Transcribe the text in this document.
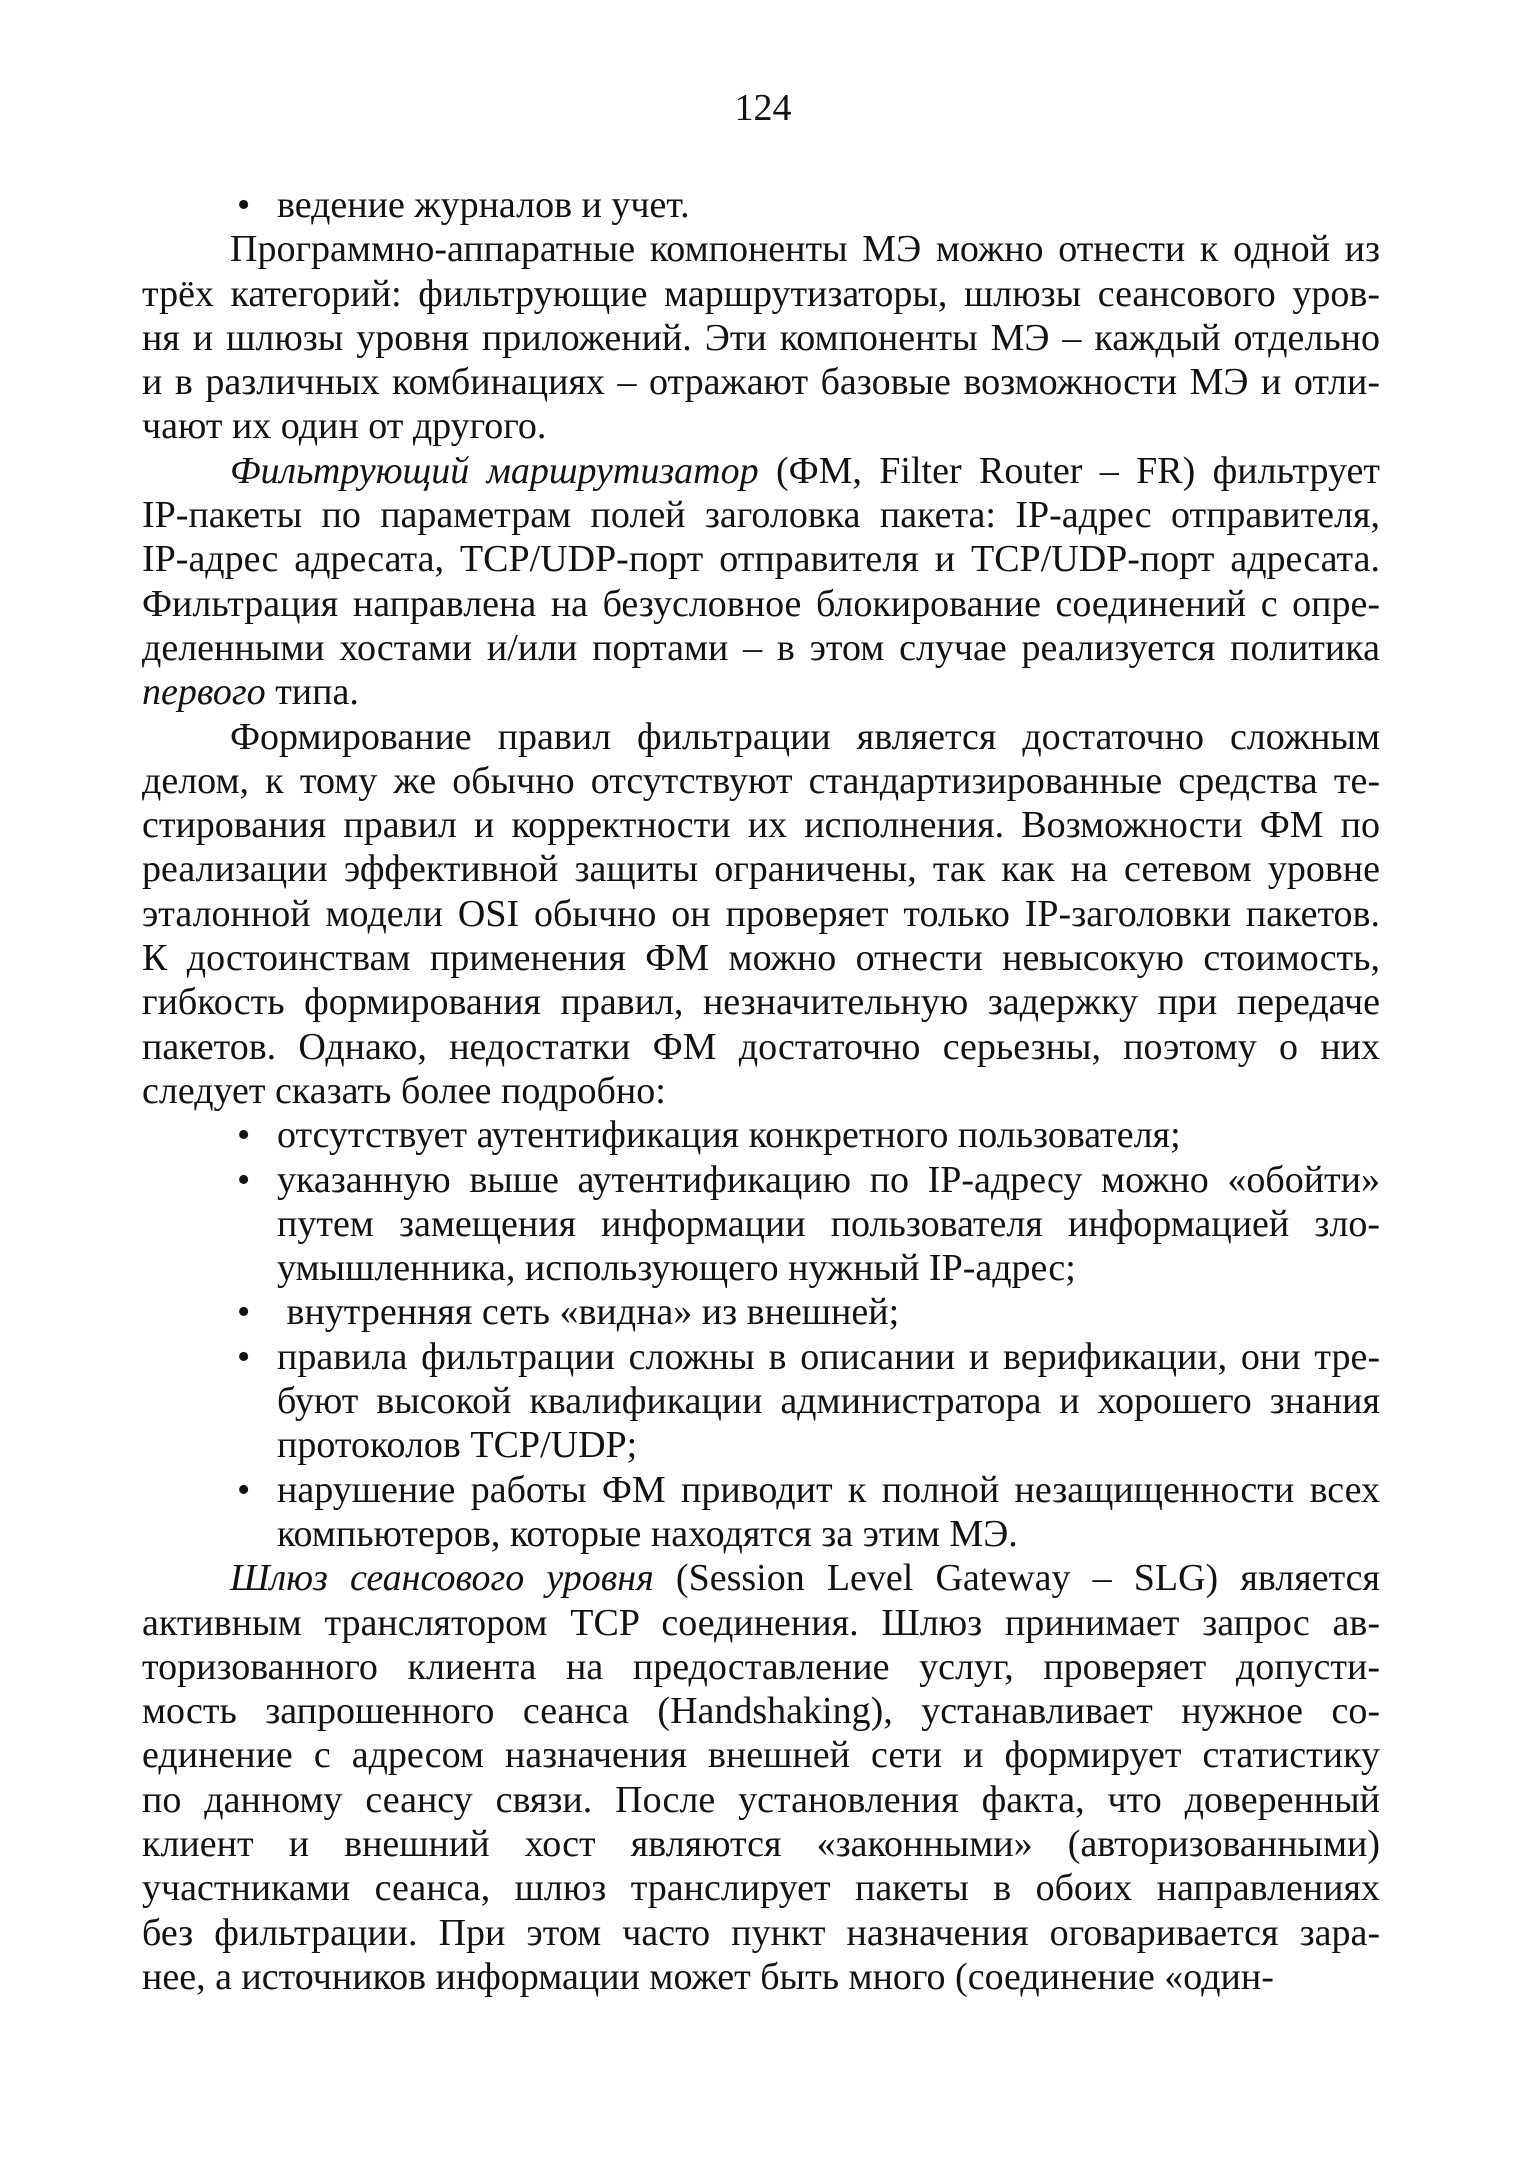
124
• ведение журналов и учет.
Программно-аппаратные компоненты МЭ можно отнести к одной из
трёх категорий: фильтрующие маршрутизаторы, шлюзы сеансового уров-
ня и шлюзы уровня приложений. Эти компоненты МЭ – каждый отдельно
и в различных комбинациях – отражают базовые возможности МЭ и отли-
чают их один от другого.
Фильтрующий маршрутизатор (ФМ, Filter Router – FR) фильтрует
IP-пакеты по параметрам полей заголовка пакета: IP-адрес отправителя,
IP-адрес адресата, TCP/UDP-порт отправителя и TCP/UDP-порт адресата.
Фильтрация направлена на безусловное блокирование соединений с опре-
деленными хостами и/или портами – в этом случае реализуется политика
первого типа.
Формирование правил фильтрации является достаточно сложным
делом, к тому же обычно отсутствуют стандартизированные средства те-
стирования правил и корректности их исполнения. Возможности ФМ по
реализации эффективной защиты ограничены, так как на сетевом уровне
эталонной модели OSI обычно он проверяет только IP-заголовки пакетов.
К достоинствам применения ФМ можно отнести невысокую стоимость,
гибкость формирования правил, незначительную задержку при передаче
пакетов. Однако, недостатки ФМ достаточно серьезны, поэтому о них
следует сказать более подробно:
• отсутствует аутентификация конкретного пользователя;
• указанную выше аутентификацию по IP-адресу можно «обойти»
путем замещения информации пользователя информацией зло-
умышленника, использующего нужный IP-адрес;
• внутренняя сеть «видна» из внешней;
• правила фильтрации сложны в описании и верификации, они тре-
буют высокой квалификации администратора и хорошего знания
протоколов TCP/UDP;
• нарушение работы ФМ приводит к полной незащищенности всех
компьютеров, которые находятся за этим МЭ.
Шлюз сеансового уровня (Session Level Gateway – SLG) является
активным транслятором TCP соединения. Шлюз принимает запрос ав-
торизованного клиента на предоставление услуг, проверяет допусти-
мость запрошенного сеанса (Handshaking), устанавливает нужное со-
единение с адресом назначения внешней сети и формирует статистику
по данному сеансу связи. После установления факта, что доверенный
клиент и внешний хост являются «законными» (авторизованными)
участниками сеанса, шлюз транслирует пакеты в обоих направлениях
без фильтрации. При этом часто пункт назначения оговаривается зара-
нее, а источников информации может быть много (соединение «один-
